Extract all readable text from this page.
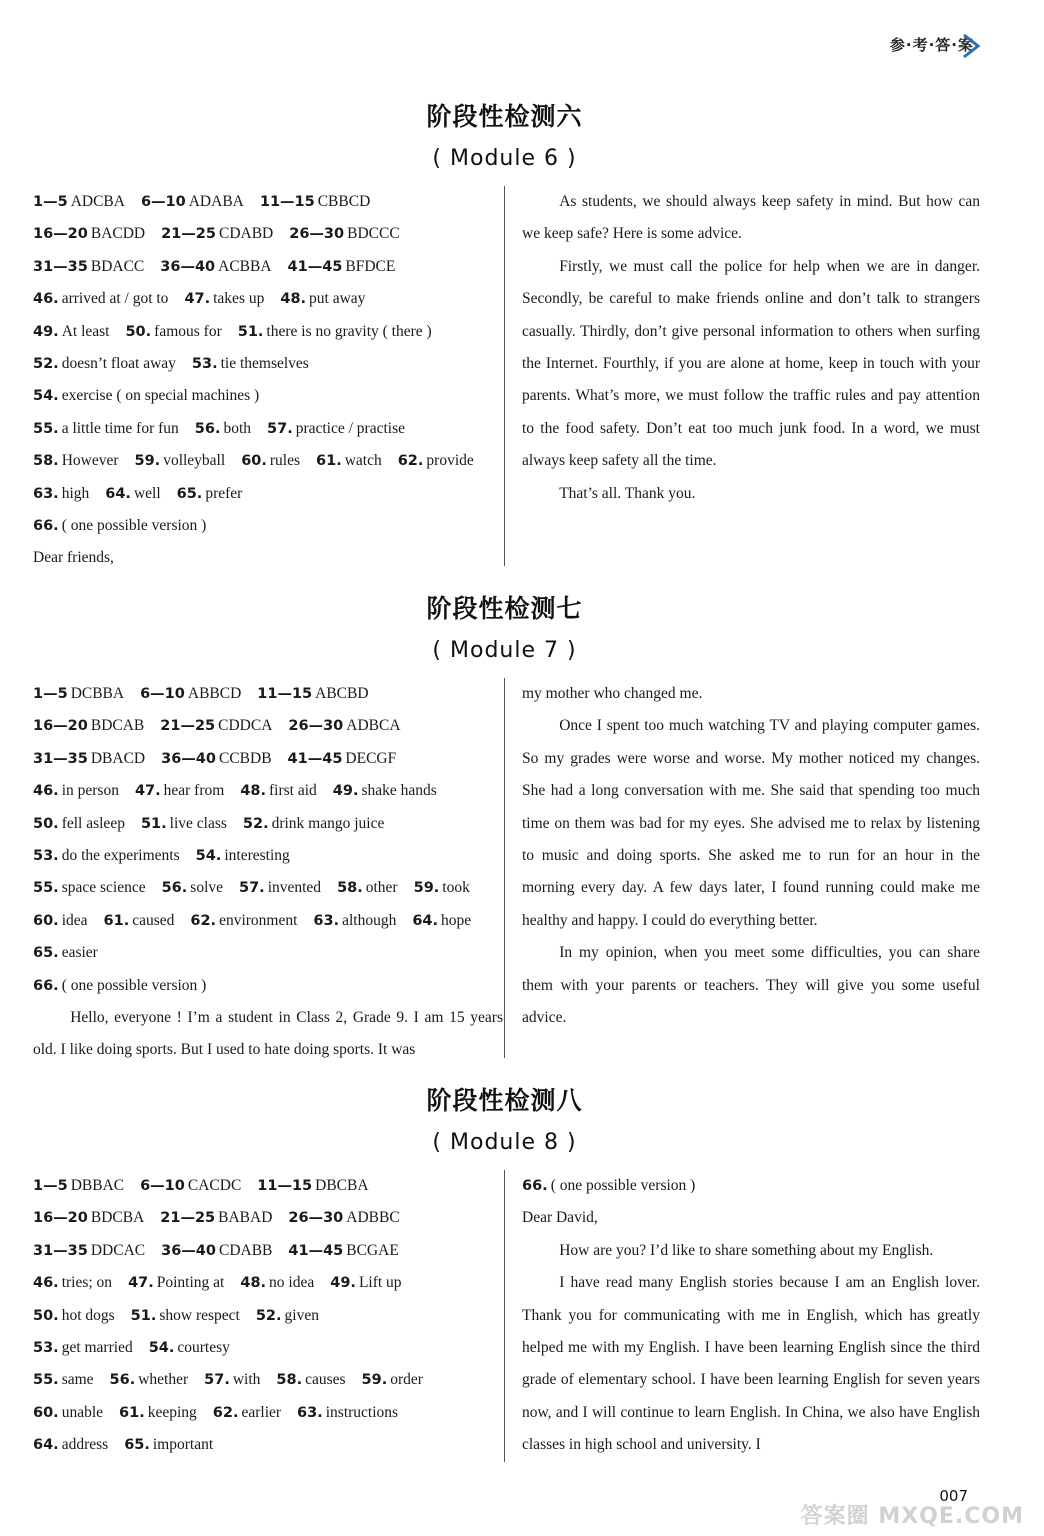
参·考·答·案
阶段性检测六
( Module 6 )
1—5 ADCBA 6—10 ADABA 11—15 CBBCD
16—20 BACDD 21—25 CDABD 26—30 BDCCC
31—35 BDACC 36—40 ACBBA 41—45 BFDCE
46. arrived at / got to 47. takes up 48. put away
49. At least 50. famous for 51. there is no gravity ( there )
52. doesn’t float away 53. tie themselves
54. exercise ( on special machines )
55. a little time for fun 56. both 57. practice / practise
58. However 59. volleyball 60. rules 61. watch 62. provide
63. high 64. well 65. prefer
66. ( one possible version )
Dear friends,
As students, we should always keep safety in mind. But how can we keep safe? Here is some advice.
Firstly, we must call the police for help when we are in danger. Secondly, be careful to make friends online and don’t talk to strangers casually. Thirdly, don’t give personal information to others when surfing the Internet. Fourthly, if you are alone at home, keep in touch with your parents. What’s more, we must follow the traffic rules and pay attention to the food safety. Don’t eat too much junk food. In a word, we must always keep safety all the time.
That’s all. Thank you.
阶段性检测七
( Module 7 )
1—5 DCBBA 6—10 ABBCD 11—15 ABCBD
16—20 BDCAB 21—25 CDDCA 26—30 ADBCA
31—35 DBACD 36—40 CCBDB 41—45 DECGF
46. in person 47. hear from 48. first aid 49. shake hands
50. fell asleep 51. live class 52. drink mango juice
53. do the experiments 54. interesting
55. space science 56. solve 57. invented 58. other 59. took
60. idea 61. caused 62. environment 63. although 64. hope
65. easier
66. ( one possible version )
Hello, everyone ! I’m a student in Class 2, Grade 9. I am 15 years old. I like doing sports. But I used to hate doing sports. It was
my mother who changed me.
Once I spent too much watching TV and playing computer games. So my grades were worse and worse. My mother noticed my changes. She had a long conversation with me. She said that spending too much time on them was bad for my eyes. She advised me to relax by listening to music and doing sports. She asked me to run for an hour in the morning every day. A few days later, I found running could make me healthy and happy. I could do everything better.
In my opinion, when you meet some difficulties, you can share them with your parents or teachers. They will give you some useful advice.
阶段性检测八
( Module 8 )
1—5 DBBAC 6—10 CACDC 11—15 DBCBA
16—20 BDCBA 21—25 BABAD 26—30 ADBBC
31—35 DDCAC 36—40 CDABB 41—45 BCGAE
46. tries; on 47. Pointing at 48. no idea 49. Lift up
50. hot dogs 51. show respect 52. given
53. get married 54. courtesy
55. same 56. whether 57. with 58. causes 59. order
60. unable 61. keeping 62. earlier 63. instructions
64. address 65. important
66. ( one possible version )
Dear David,
How are you? I’d like to share something about my English.
I have read many English stories because I am an English lover. Thank you for communicating with me in English, which has greatly helped me with my English. I have been learning English since the third grade of elementary school. I have been learning English for seven years now, and I will continue to learn English. In China, we also have English classes in high school and university. I
007
答案圈 MXQE.COM
